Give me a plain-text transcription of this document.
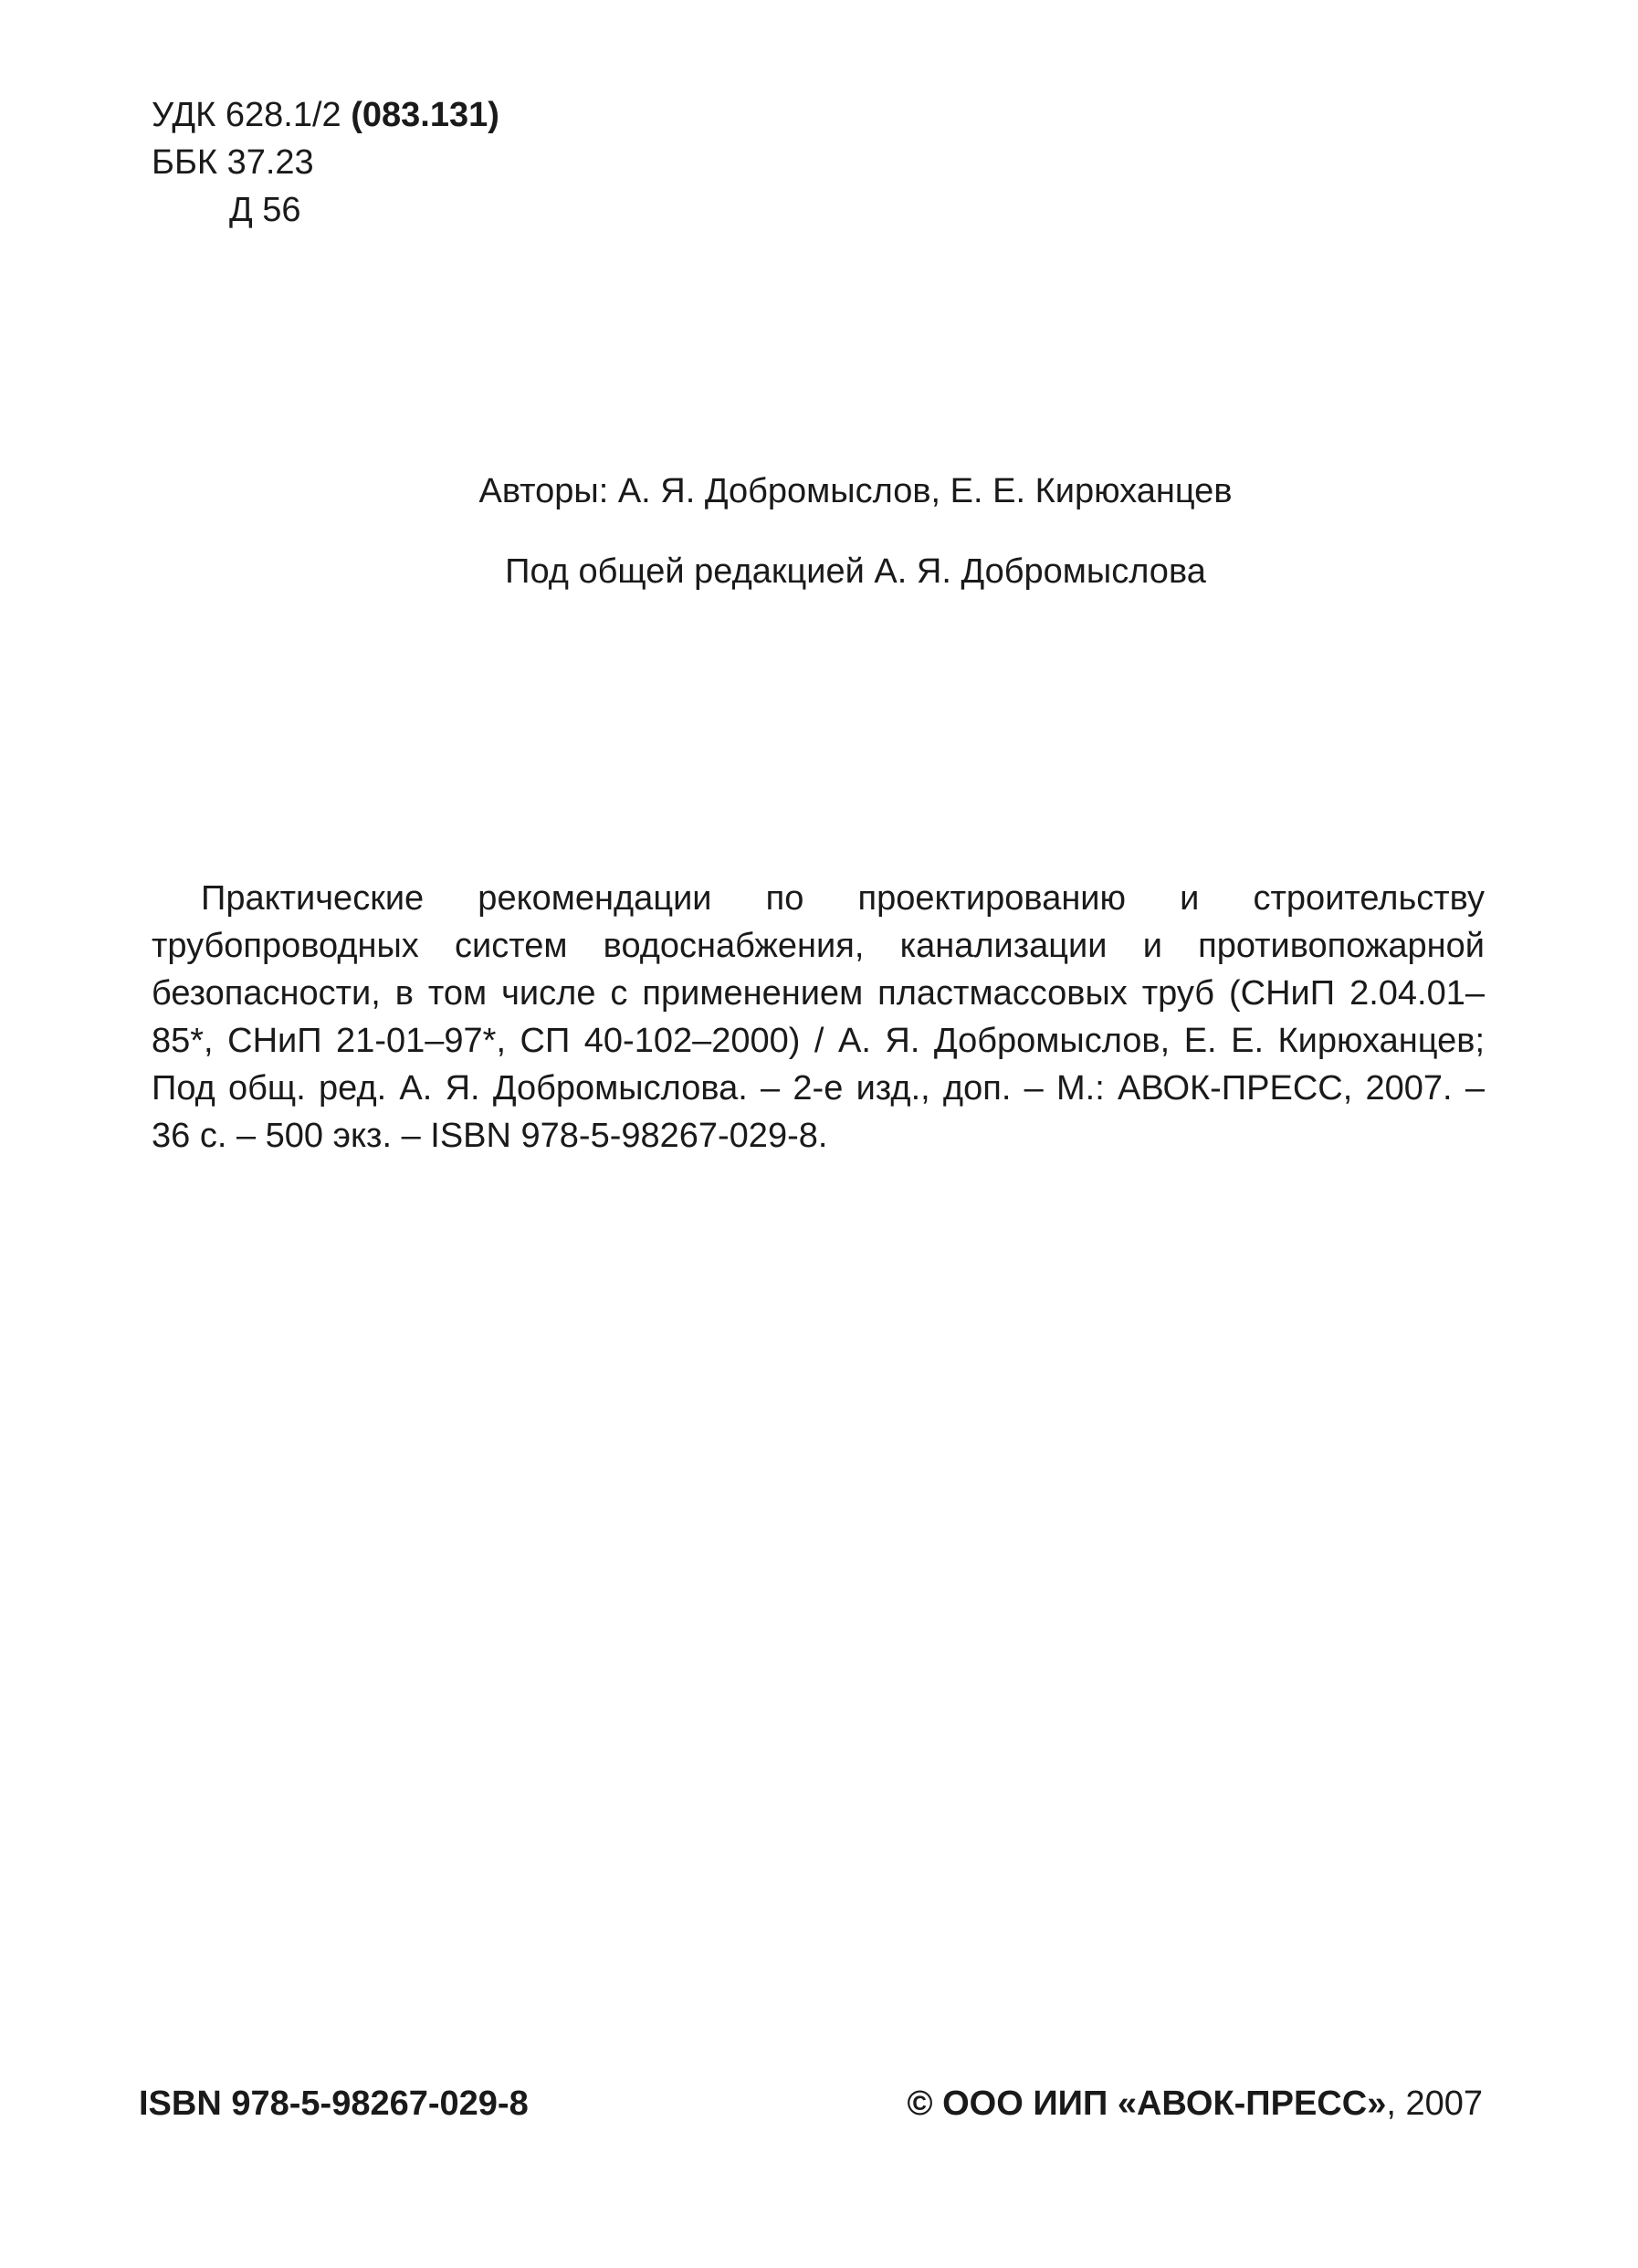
УДК 628.1/2 (083.131)
ББК 37.23
Д 56
Авторы: А. Я. Добромыслов, Е. Е. Кирюханцев
Под общей редакцией А. Я. Добромыслова
Практические рекомендации по проектированию и строительству трубопроводных систем водоснабжения, канализации и противопожарной безопасности, в том числе с применением пластмассовых труб (СНиП 2.04.01–85*, СНиП 21-01–97*, СП 40-102–2000) / А. Я. Добромыслов, Е. Е. Кирюханцев; Под общ. ред. А. Я. Добромыслова. – 2-е изд., доп. – М.: АВОК-ПРЕСС, 2007. – 36 с. – 500 экз. – ISBN 978-5-98267-029-8.
ISBN 978-5-98267-029-8	© ООО ИИП «АВОК-ПРЕСС», 2007
